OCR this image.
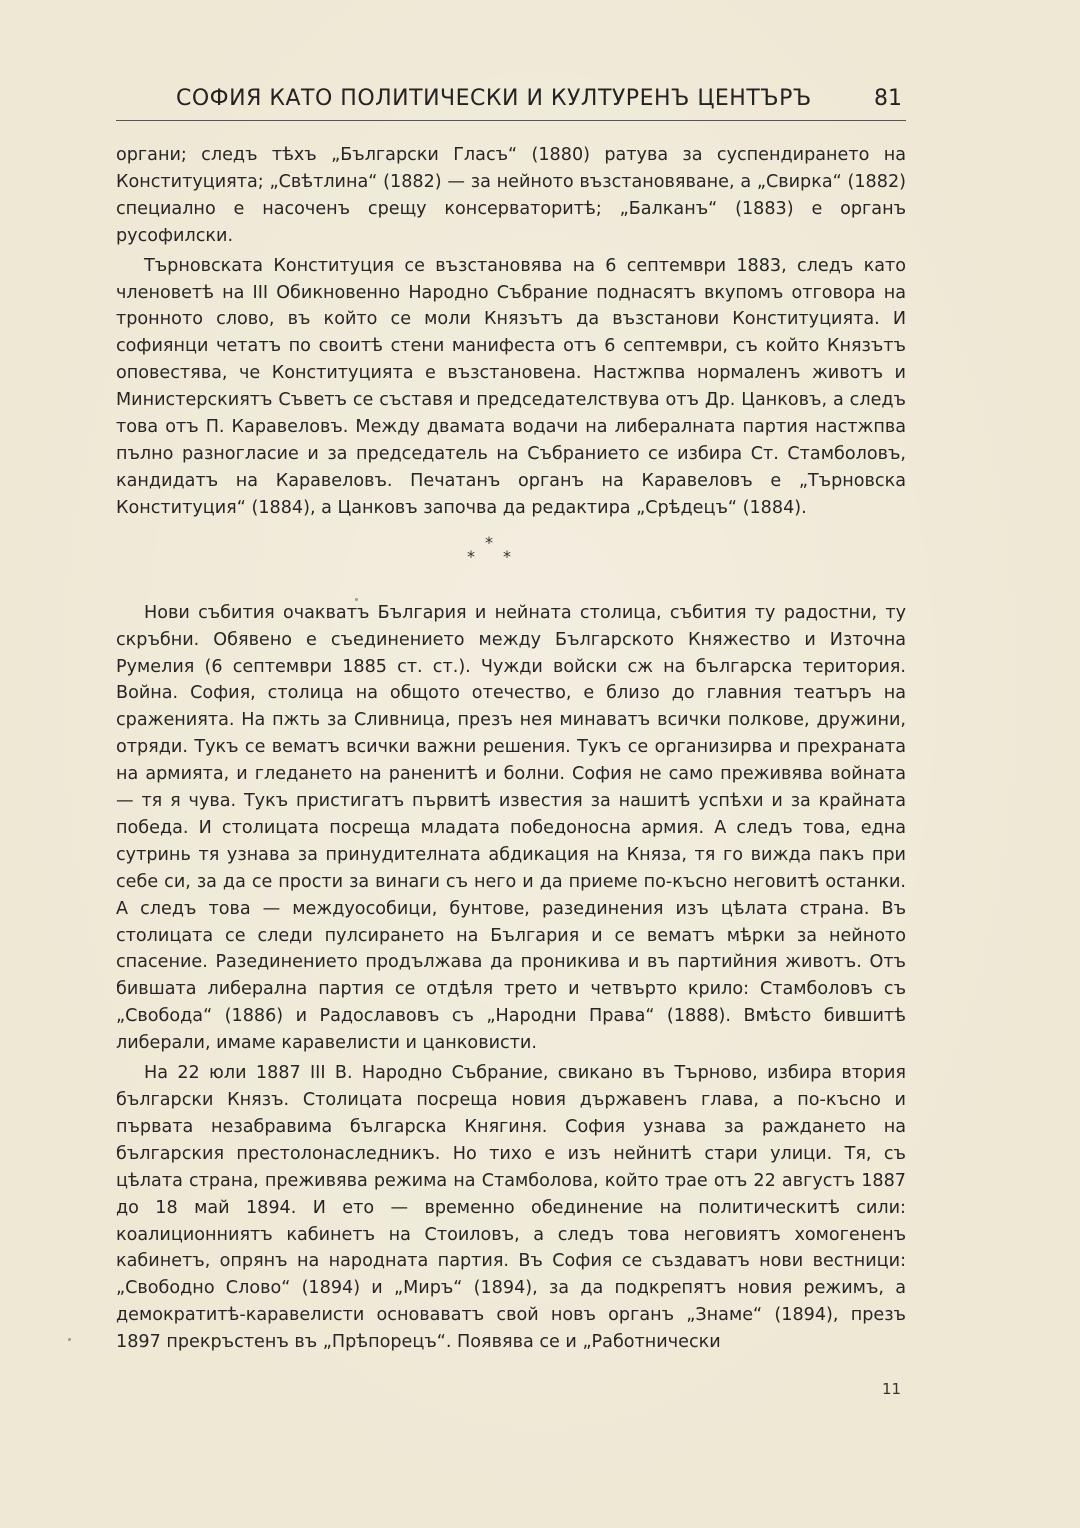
СОФИЯ КАТО ПОЛИТИЧЕСКИ И КУЛТУРЕНЪ ЦЕНТЪРЪ	81

органи; следъ тѣхъ „Български Гласъ“ (1880) ратува за суспендирането на Конституцията; „Свѣтлина“ (1882) — за нейното възстановяване, а „Свирка“ (1882) специално е насоченъ срещу консерваторитѣ; „Балканъ“ (1883) е органъ русофилски.

Търновската Конституция се възстановява на 6 септември 1883, следъ като членоветѣ на III Обикновенно Народно Събрание поднасятъ вкупомъ отговора на тронното слово, въ който се моли Князътъ да възстанови Конституцията. И софиянци четатъ по своитѣ стени манифеста отъ 6 септември, съ който Князътъ оповестява, че Конституцията е възстановена. Настжпва нормаленъ животъ и Министерскиятъ Съветъ се съставя и председателствува отъ Др. Цанковъ, а следъ това отъ П. Каравеловъ. Между двамата водачи на либералната партия настжпва пълно разногласие и за председатель на Събранието се избира Ст. Стамболовъ, кандидатъ на Каравеловъ. Печатанъ органъ на Каравеловъ е „Търновска Конституция“ (1884), а Цанковъ започва да редактира „Срѣдецъ“ (1884).

*
* *

Нови събития очакватъ България и нейната столица, събития ту радостни, ту скръбни. Обявено е съединението между Българското Княжество и Източна Румелия (6 септември 1885 ст. ст.). Чужди войски сж на българска територия. Война. София, столица на общото отечество, е близо до главния театъръ на сраженията. На пжть за Сливница, презъ нея минаватъ всички полкове, дружини, отряди. Тукъ се вематъ всички важни решения. Тукъ се организирва и прехраната на армията, и гледането на раненитѣ и болни. София не само преживява войната — тя я чува. Тукъ пристигатъ първитѣ известия за нашитѣ успѣхи и за крайната победа. И столицата посреща младата победоносна армия. А следъ това, една сутринь тя узнава за принудителната абдикация на Княза, тя го вижда пакъ при себе си, за да се прости за винаги съ него и да приеме по-късно неговитѣ останки. А следъ това — междуособици, бунтове, разединения изъ цѣлата страна. Въ столицата се следи пулсирането на България и се вематъ мѣрки за нейното спасение. Разединението продължава да проникива и въ партийния животъ. Отъ бившата либерална партия се отдѣля трето и четвърто крило: Стамболовъ съ „Свобода“ (1886) и Радославовъ съ „Народни Права“ (1888). Вмѣсто бившитѣ либерали, имаме каравелисти и цанковисти.

На 22 юли 1887 III В. Народно Събрание, свикано въ Търново, избира втория български Князъ. Столицата посреща новия държавенъ глава, а по-късно и първата незабравима българска Княгиня. София узнава за раждането на българския престолонаследникъ. Но тихо е изъ нейнитѣ стари улици. Тя, съ цѣлата страна, преживява режима на Стамболова, който трае отъ 22 августъ 1887 до 18 май 1894. И ето — временно обединение на политическитѣ сили: коалиционниятъ кабинетъ на Стоиловъ, а следъ това неговиятъ хомогененъ кабинетъ, опрянъ на народната партия. Въ София се създаватъ нови вестници: „Свободно Слово“ (1894) и „Миръ“ (1894), за да подкрепятъ новия режимъ, а демократитѣ-каравелисти основаватъ свой новъ органъ „Знаме“ (1894), презъ 1897 прекръстенъ въ „Прѣпорецъ“. Появява се и „Работнически

11
